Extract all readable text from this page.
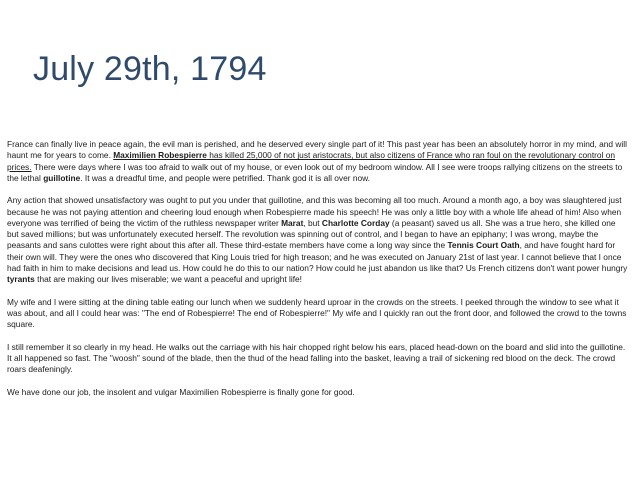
July 29th, 1794

France can finally live in peace again, the evil man is perished, and he deserved every single part of it! This past year has been an absolutely horror in my mind, and will haunt me for years to come. Maximilien Robespierre has killed 25,000 of not just aristocrats, but also citizens of France who ran foul on the revolutionary control on prices. There were days where I was too afraid to walk out of my house, or even look out of my bedroom window. All I see were troops rallying citizens on the streets to the lethal guillotine. It was a dreadful time, and people were petrified. Thank god it is all over now.

Any action that showed unsatisfactory was ought to put you under that guillotine, and this was becoming all too much. Around a month ago, a boy was slaughtered just because he was not paying attention and cheering loud enough when Robespierre made his speech! He was only a little boy with a whole life ahead of him! Also when everyone was terrified of being the victim of the ruthless newspaper writer Marat, but Charlotte Corday (a peasant) saved us all. She was a true hero, she killed one but saved millions; but was unfortunately executed herself. The revolution was spinning out of control, and I began to have an epiphany; I was wrong, maybe the peasants and sans culottes were right about this after all. These third-estate members have come a long way since the Tennis Court Oath, and have fought hard for their own will. They were the ones who discovered that King Louis tried for high treason; and he was executed on January 21st of last year. I cannot believe that I once had faith in him to make decisions and lead us. How could he do this to our nation? How could he just abandon us like that? Us French citizens don't want power hungry tyrants that are making our lives miserable; we want a peaceful and upright life!

My wife and I were sitting at the dining table eating our lunch when we suddenly heard uproar in the crowds on the streets. I peeked through the window to see what it was about, and all I could hear was: "The end of Robespierre! The end of Robespierre!" My wife and I quickly ran out the front door, and followed the crowd to the towns square.

I still remember it so clearly in my head. He walks out the carriage with his hair chopped right below his ears, placed head-down on the board and slid into the guillotine. It all happened so fast. The "woosh" sound of the blade, then the thud of the head falling into the basket, leaving a trail of sickening red blood on the deck. The crowd roars deafeningly.

We have done our job, the insolent and vulgar Maximilien Robespierre is finally gone for good.
